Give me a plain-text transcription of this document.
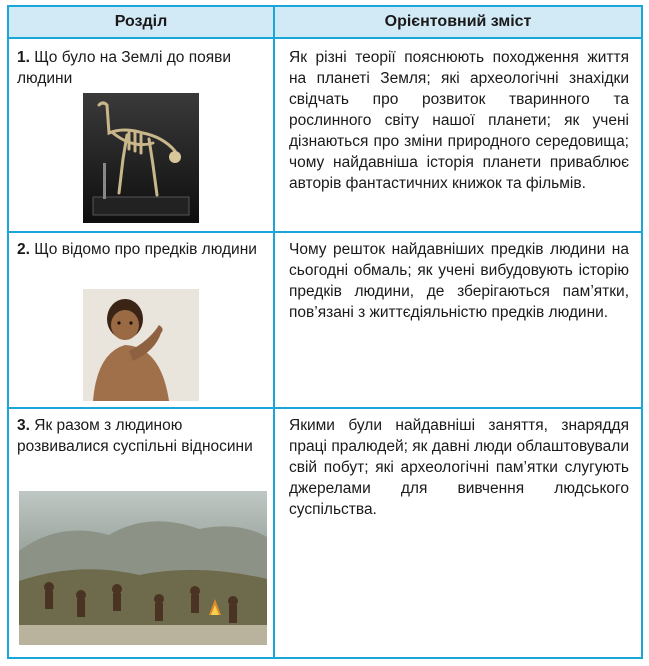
Розділ	Орієнтовний зміст
1. Що було на Землі до появи людини
Як різні теорії пояснюють походження життя на планеті Земля; які археологічні знахідки свідчать про розвиток тваринного та рослинного світу нашої планети; як учені дізнаються про зміни природного середовища; чому найдавніша історія планети приваблює авторів фантастичних книжок та фільмів.
2. Що відомо про предків людини	Чому решток найдавніших предків людини на сьогодні обмаль; як учені вибудовують історію предків людини, де зберігаються пам’ятки, пов’язані з життєдіяльністю предків людини.
3. Як разом з людиною розвивалися суспільні відносини
Якими були найдавніші заняття, знаряддя праці пралюдей; як давні люди облаштовували свій побут; які археологічні пам’ятки слугують джерелами для вивчення людського суспільства.
